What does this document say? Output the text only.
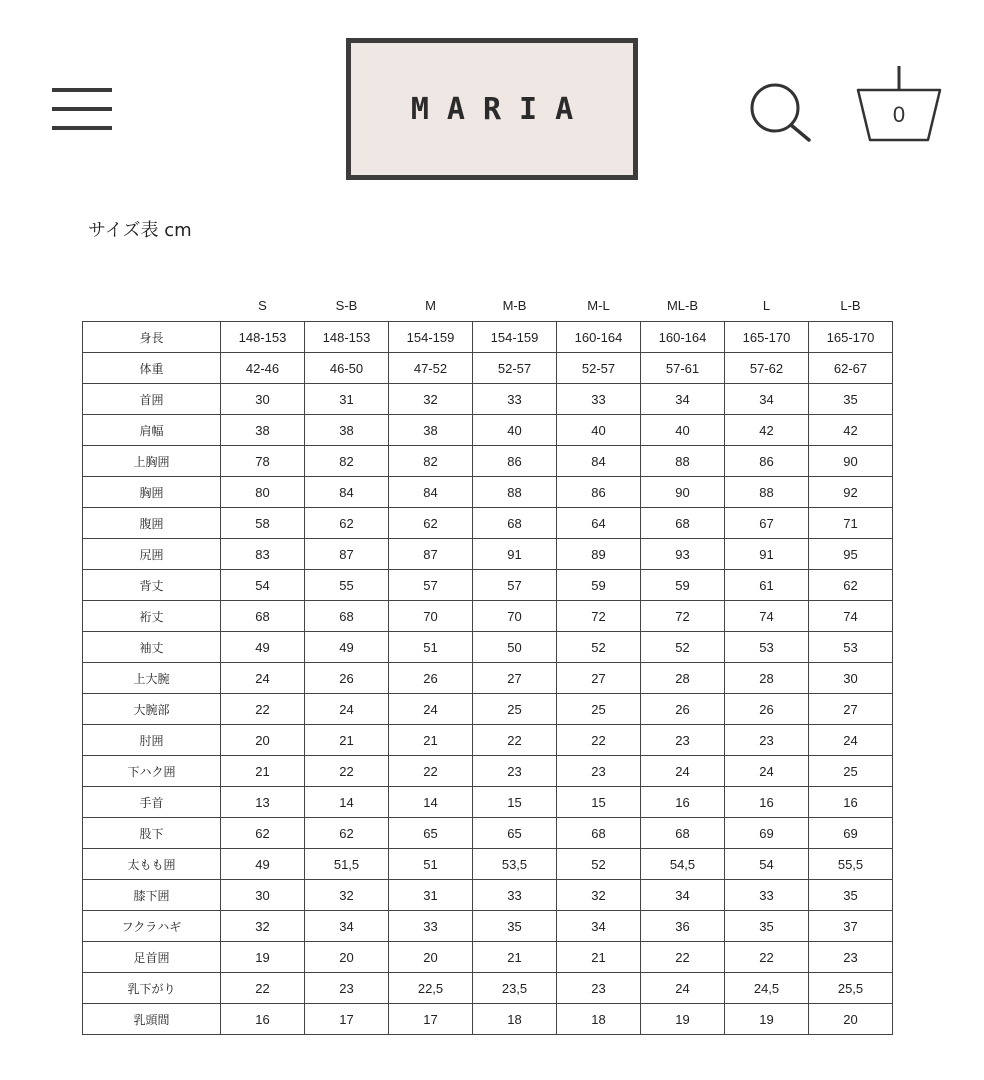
MARIA	0
サイズ表 cm
	S	S-B	M	M-B	M-L	ML-B	L	L-B
身長	148-153	148-153	154-159	154-159	160-164	160-164	165-170	165-170
体重	42-46	46-50	47-52	52-57	52-57	57-61	57-62	62-67
首囲	30	31	32	33	33	34	34	35
肩幅	38	38	38	40	40	40	42	42
上胸囲	78	82	82	86	84	88	86	90
胸囲	80	84	84	88	86	90	88	92
腹囲	58	62	62	68	64	68	67	71
尻囲	83	87	87	91	89	93	91	95
背丈	54	55	57	57	59	59	61	62
裄丈	68	68	70	70	72	72	74	74
袖丈	49	49	51	50	52	52	53	53
上大腕	24	26	26	27	27	28	28	30
大腕部	22	24	24	25	25	26	26	27
肘囲	20	21	21	22	22	23	23	24
下ハク囲	21	22	22	23	23	24	24	25
手首	13	14	14	15	15	16	16	16
股下	62	62	65	65	68	68	69	69
太もも囲	49	51,5	51	53,5	52	54,5	54	55,5
膝下囲	30	32	31	33	32	34	33	35
フクラハギ	32	34	33	35	34	36	35	37
足首囲	19	20	20	21	21	22	22	23
乳下がり	22	23	22,5	23,5	23	24	24,5	25,5
乳頭間	16	17	17	18	18	19	19	20
